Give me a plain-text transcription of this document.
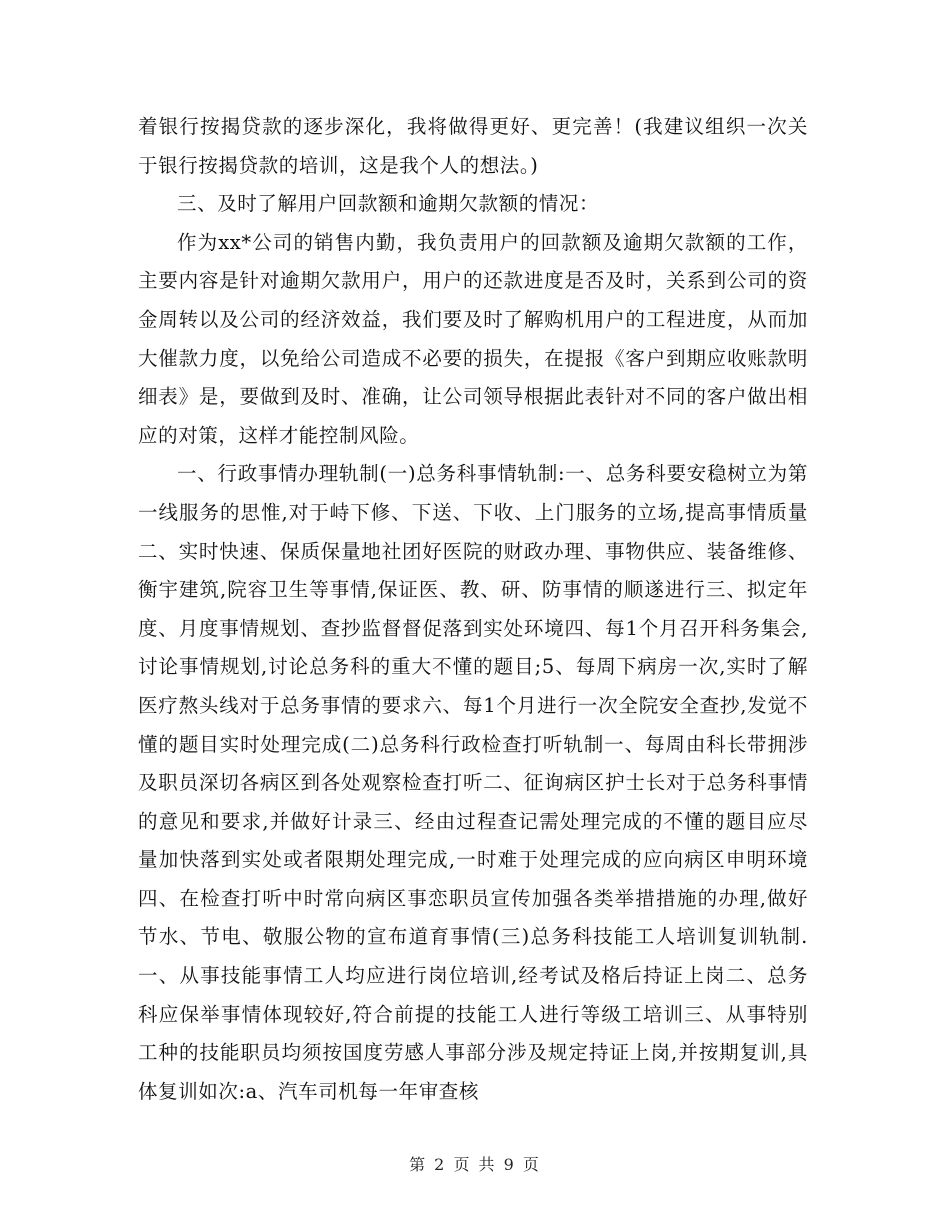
着银行按揭贷款的逐步深化，我将做得更好、更完善！(我建议组织一次关于银行按揭贷款的培训，这是我个人的想法。)

三、及时了解用户回款额和逾期欠款额的情况：

作为xx*公司的销售内勤，我负责用户的回款额及逾期欠款额的工作，主要内容是针对逾期欠款用户，用户的还款进度是否及时，关系到公司的资金周转以及公司的经济效益，我们要及时了解购机用户的工程进度，从而加大催款力度，以免给公司造成不必要的损失，在提报《客户到期应收账款明细表》是，要做到及时、准确，让公司领导根据此表针对不同的客户做出相应的对策，这样才能控制风险。

一、行政事情办理轨制(一)总务科事情轨制:一、总务科要安稳树立为第一线服务的思惟,对于峙下修、下送、下收、上门服务的立场,提高事情质量二、实时快速、保质保量地社团好医院的财政办理、事物供应、装备维修、衡宇建筑,院容卫生等事情,保证医、教、研、防事情的顺遂进行三、拟定年度、月度事情规划、查抄监督督促落到实处环境四、每1个月召开科务集会,讨论事情规划,讨论总务科的重大不懂的题目;5、每周下病房一次,实时了解医疗熬头线对于总务事情的要求六、每1个月进行一次全院安全查抄,发觉不懂的题目实时处理完成(二)总务科行政检查打听轨制一、每周由科长带拥涉及职员深切各病区到各处观察检查打听二、征询病区护士长对于总务科事情的意见和要求,并做好计录三、经由过程查记需处理完成的不懂的题目应尽量加快落到实处或者限期处理完成,一时难于处理完成的应向病区申明环境四、在检查打听中时常向病区事恋职员宣传加强各类举措措施的办理,做好节水、节电、敬服公物的宣布道育事情(三)总务科技能工人培训复训轨制.一、从事技能事情工人均应进行岗位培训,经考试及格后持证上岗二、总务科应保举事情体现较好,符合前提的技能工人进行等级工培训三、从事特别工种的技能职员均须按国度劳感人事部分涉及规定持证上岗,并按期复训,具体复训如次:a、汽车司机每一年审查核

第 2 页 共 9 页
